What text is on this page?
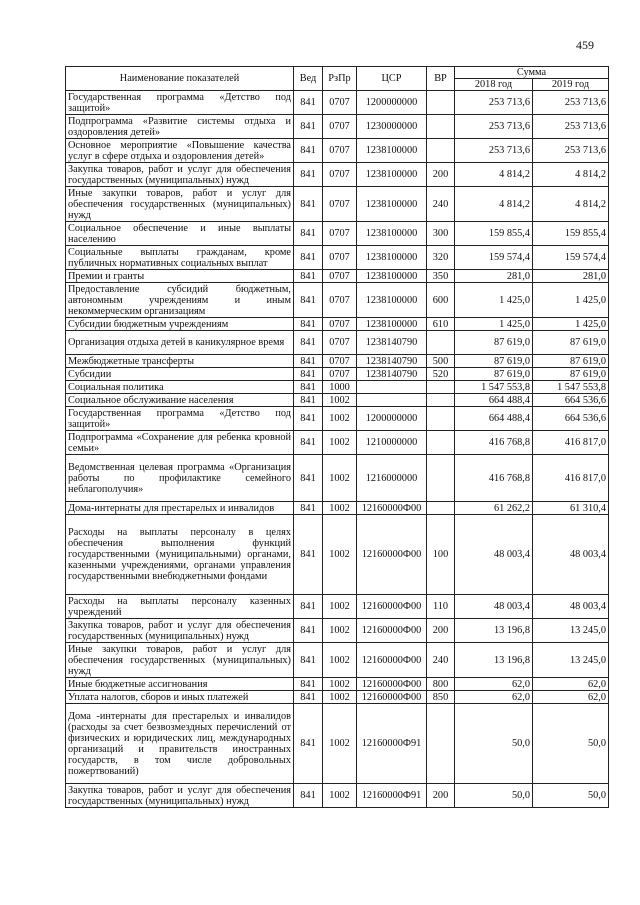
459
Наименование показателей	Вед	РзПр	ЦСР	ВР	Сумма	
					2018 год	2019 год
Государственная программа «Детство под защитой»	841	0707	1200000000		253 713,6	253 713,6
Подпрограмма «Развитие системы отдыха и оздоровления детей»	841	0707	1230000000		253 713,6	253 713,6
Основное мероприятие «Повышение качества услуг в сфере отдыха и оздоровления детей»	841	0707	1238100000		253 713,6	253 713,6
Закупка товаров, работ и услуг для обеспечения государственных (муниципальных) нужд	841	0707	1238100000	200	4 814,2	4 814,2
Иные закупки товаров, работ и услуг для обеспечения государственных (муниципальных) нужд	841	0707	1238100000	240	4 814,2	4 814,2
Социальное обеспечение и иные выплаты населению	841	0707	1238100000	300	159 855,4	159 855,4
Социальные выплаты гражданам, кроме публичных нормативных социальных выплат	841	0707	1238100000	320	159 574,4	159 574,4
Премии и гранты	841	0707	1238100000	350	281,0	281,0
Предоставление субсидий бюджетным, автономным учреждениям и иным некоммерческим организациям	841	0707	1238100000	600	1 425,0	1 425,0
Субсидии бюджетным учреждениям	841	0707	1238100000	610	1 425,0	1 425,0
Организация отдыха детей в каникулярное время	841	0707	1238140790		87 619,0	87 619,0
Межбюджетные трансферты	841	0707	1238140790	500	87 619,0	87 619,0
Субсидии	841	0707	1238140790	520	87 619,0	87 619,0
Социальная политика	841	1000			1 547 553,8	1 547 553,8
Социальное обслуживание населения	841	1002			664 488,4	664 536,6
Государственная программа «Детство под защитой»	841	1002	1200000000		664 488,4	664 536,6
Подпрограмма «Сохранение для ребенка кровной семьи»	841	1002	1210000000		416 768,8	416 817,0
Ведомственная целевая программа «Организация работы по профилактике семейного неблагополучия»	841	1002	1216000000		416 768,8	416 817,0
Дома-интернаты для престарелых и инвалидов	841	1002	12160000Ф00		61 262,2	61 310,4
Расходы на выплаты персоналу в целях обеспечения выполнения функций государственными (муниципальными) органами, казенными учреждениями, органами управления государственными внебюджетными фондами	841	1002	12160000Ф00	100	48 003,4	48 003,4
Расходы на выплаты персоналу казенных учреждений	841	1002	12160000Ф00	110	48 003,4	48 003,4
Закупка товаров, работ и услуг для обеспечения государственных (муниципальных) нужд	841	1002	12160000Ф00	200	13 196,8	13 245,0
Иные закупки товаров, работ и услуг для обеспечения государственных (муниципальных) нужд	841	1002	12160000Ф00	240	13 196,8	13 245,0
Иные бюджетные ассигнования	841	1002	12160000Ф00	800	62,0	62,0
Уплата налогов, сборов и иных платежей	841	1002	12160000Ф00	850	62,0	62,0
Дома -интернаты для престарелых и инвалидов (расходы за счет безвозмездных перечислений от физических и юридических лиц, международных организаций и правительств иностранных государств, в том числе добровольных пожертвований)	841	1002	12160000Ф91		50,0	50,0
Закупка товаров, работ и услуг для обеспечения государственных (муниципальных) нужд	841	1002	12160000Ф91	200	50,0	50,0
